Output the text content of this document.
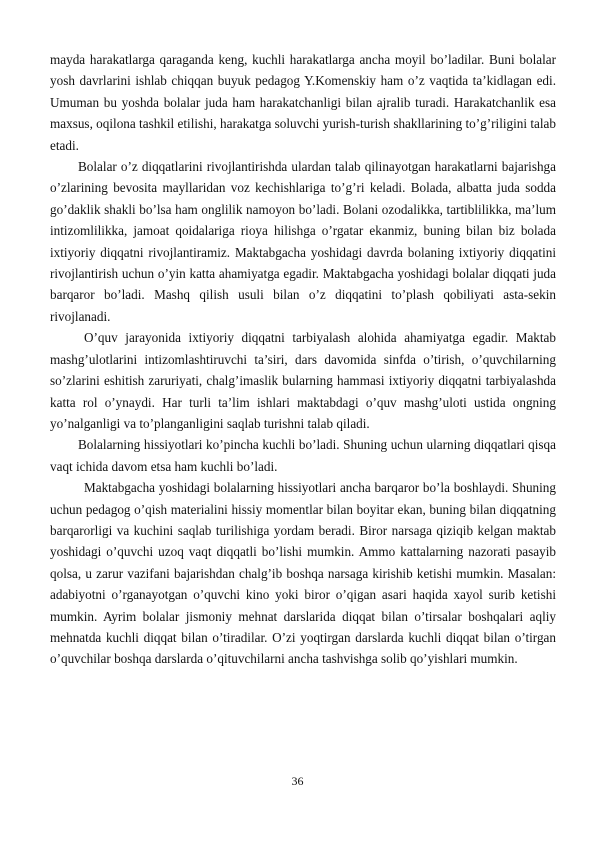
mayda harakatlarga qaraganda keng, kuchli harakatlarga ancha moyil bo’ladilar. Buni bolalar yosh davrlarini ishlab chiqqan buyuk pedagog Y.Komenskiy ham o’z vaqtida ta’kidlagan edi. Umuman bu yoshda bolalar juda ham harakatchanligi bilan ajralib turadi. Harakatchanlik esa maxsus, oqilona tashkil etilishi, harakatga soluvchi yurish-turish shakllarining to’g’riligini talab etadi.

Bolalar o’z diqqatlarini rivojlantirishda ulardan talab qilinayotgan harakatlarni bajarishga o’zlarining bevosita mayllaridan voz kechishlariga to’g’ri keladi. Bolada, albatta juda sodda go’daklik shakli bo’lsa ham onglilik namoyon bo’ladi. Bolani ozodalikka, tartiblilikka, ma’lum intizomlilikka, jamoat qoidalariga rioya hilishga o’rgatar ekanmiz, buning bilan biz bolada ixtiyoriy diqqatni rivojlantiramiz. Maktabgacha yoshidagi davrda bolaning ixtiyoriy diqqatini rivojlantirish uchun o’yin katta ahamiyatga egadir. Maktabgacha yoshidagi bolalar diqqati juda barqaror bo’ladi. Mashq qilish usuli bilan o’z diqqatini to’plash qobiliyati asta-sekin rivojlanadi.

O’quv jarayonida ixtiyoriy diqqatni tarbiyalash alohida ahamiyatga egadir. Maktab mashg’ulotlarini intizomlashtiruvchi ta’siri, dars davomida sinfda o’tirish, o’quvchilarning so’zlarini eshitish zaruriyati, chalg’imaslik bularning hammasi ixtiyoriy diqqatni tarbiyalashda katta rol o’ynaydi. Har turli ta’lim ishlari maktabdagi o’quv mashg’uloti ustida ongning yo’nalganligi va to’planganligini saqlab turishni talab qiladi.

Bolalarning hissiyotlari ko’pincha kuchli bo’ladi. Shuning uchun ularning diqqatlari qisqa vaqt ichida davom etsa ham kuchli bo’ladi.

Maktabgacha yoshidagi bolalarning hissiyotlari ancha barqaror bo’la boshlaydi. Shuning uchun pedagog o’qish materialini hissiy momentlar bilan boyitar ekan, buning bilan diqqatning barqarorligi va kuchini saqlab turilishiga yordam beradi. Biror narsaga qiziqib kelgan maktab yoshidagi o’quvchi uzoq vaqt diqqatli bo’lishi mumkin. Ammo kattalarning nazorati pasayib qolsa, u zarur vazifani bajarishdan chalg’ib boshqa narsaga kirishib ketishi mumkin. Masalan: adabiyotni o’rganayotgan o’quvchi kino yoki biror o’qigan asari haqida xayol surib ketishi mumkin. Ayrim bolalar jismoniy mehnat darslarida diqqat bilan o’tirsalar boshqalari aqliy mehnatda kuchli diqqat bilan o’tiradilar. O’zi yoqtirgan darslarda kuchli diqqat bilan o’tirgan o’quvchilar boshqa darslarda o’qituvchilarni ancha tashvishga solib qo’yishlari mumkin.

36
